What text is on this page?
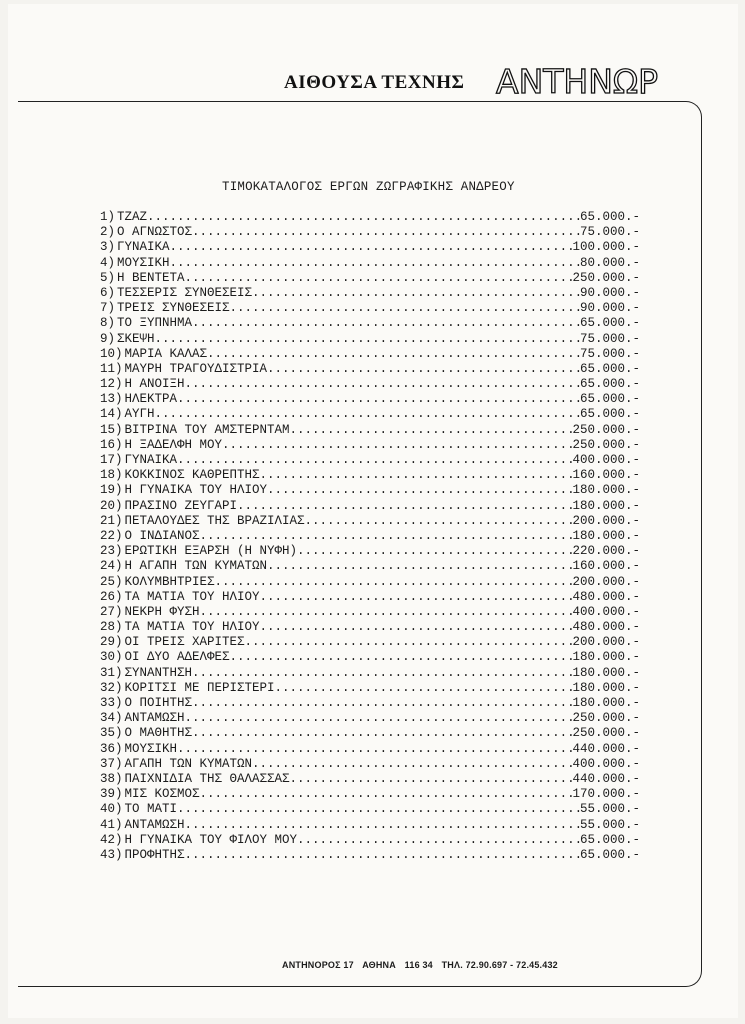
ΑΙΘΟΥΣΑ ΤΕΧΝΗΣ ΑΝΤΗΝΩΡ
ΤΙΜΟΚΑΤΑΛΟΓΟΣ ΕΡΓΩΝ ΖΩΓΡΑΦΙΚΗΣ ΑΝΔΡΕΟΥ
1) ΤΖΑΖ .....	65.000.-
2) Ο ΑΓΝΩΣΤΟΣ .....	75.000.-
3) ΓΥΝΑΙΚΑ .....	100.000.-
4) ΜΟΥΣΙΚΗ .....	80.000.-
5) Η ΒΕΝΤΕΤΑ .....	250.000.-
6) ΤΕΣΣΕΡΙΣ ΣΥΝΘΕΣΕΙΣ .....	90.000.-
7) ΤΡΕΙΣ ΣΥΝΘΕΣΕΙΣ .....	90.000.-
8) ΤΟ ΞΥΠΝΗΜΑ .....	65.000.-
9) ΣΚΕΨΗ .....	75.000.-
10) ΜΑΡΙΑ ΚΑΛΑΣ .....	75.000.-
11) ΜΑΥΡΗ ΤΡΑΓΟΥΔΙΣΤΡΙΑ .....	65.000.-
12) Η ΑΝΟΙΞΗ .....	65.000.-
13) ΗΛΕΚΤΡΑ .....	65.000.-
14) ΑΥΓΗ .....	65.000.-
15) ΒΙΤΡΙΝΑ ΤΟΥ ΑΜΣΤΕΡΝΤΑΜ .....	250.000.-
16) Η ΞΑΔΕΛΦΗ ΜΟΥ .....	250.000.-
17) ΓΥΝΑΙΚΑ .....	400.000.-
18) ΚΟΚΚΙΝΟΣ ΚΑΘΡΕΠΤΗΣ .....	160.000.-
19) Η ΓΥΝΑΙΚΑ ΤΟΥ ΗΛΙΟΥ .....	180.000.-
20) ΠΡΑΣΙΝΟ ΖΕΥΓΑΡΙ .....	180.000.-
21) ΠΕΤΑΛΟΥΔΕΣ ΤΗΣ ΒΡΑΖΙΛΙΑΣ .....	200.000.-
22) Ο ΙΝΔΙΑΝΟΣ .....	180.000.-
23) ΕΡΩΤΙΚΗ ΕΞΑΡΣΗ (Η ΝΥΦΗ) .....	220.000.-
24) Η ΑΓΑΠΗ ΤΩΝ ΚΥΜΑΤΩΝ .....	160.000.-
25) ΚΟΛΥΜΒΗΤΡΙΕΣ .....	200.000.-
26) ΤΑ ΜΑΤΙΑ ΤΟΥ ΗΛΙΟΥ .....	480.000.-
27) ΝΕΚΡΗ ΦΥΣΗ .....	400.000.-
28) ΤΑ ΜΑΤΙΑ ΤΟΥ ΗΛΙΟΥ .....	480.000.-
29) ΟΙ ΤΡΕΙΣ ΧΑΡΙΤΕΣ .....	200.000.-
30) ΟΙ ΔΥΟ ΑΔΕΛΦΕΣ .....	180.000.-
31) ΣΥΝΑΝΤΗΣΗ .....	180.000.-
32) ΚΟΡΙΤΣΙ ΜΕ ΠΕΡΙΣΤΕΡΙ .....	180.000.-
33) Ο ΠΟΙΗΤΗΣ .....	180.000.-
34) ΑΝΤΑΜΩΣΗ .....	250.000.-
35) Ο ΜΑΘΗΤΗΣ .....	250.000.-
36) ΜΟΥΣΙΚΗ .....	440.000.-
37) ΑΓΑΠΗ ΤΩΝ ΚΥΜΑΤΩΝ .....	400.000.-
38) ΠΑΙΧΝΙΔΙΑ ΤΗΣ ΘΑΛΑΣΣΑΣ .....	440.000.-
39) ΜΙΣ ΚΟΣΜΟΣ .....	170.000.-
40) ΤΟ ΜΑΤΙ .....	55.000.-
41) ΑΝΤΑΜΩΣΗ .....	55.000.-
42) Η ΓΥΝΑΙΚΑ ΤΟΥ ΦΙΛΟΥ ΜΟΥ .....	65.000.-
43) ΠΡΟΦΗΤΗΣ .....	65.000.-
ΑΝΤΗΝΟΡΟΣ 17 ΑΘΗΝΑ 116 34 ΤΗΛ. 72.90.697 - 72.45.432
